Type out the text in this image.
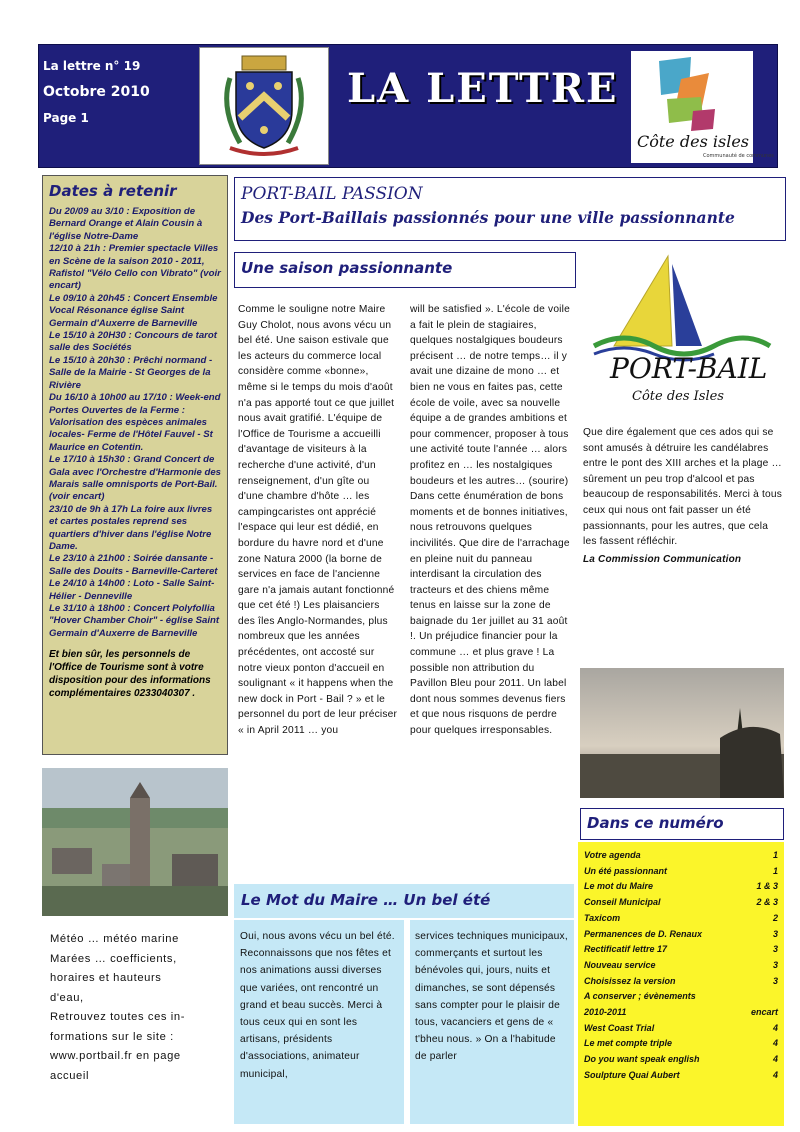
La lettre n° 19
Octobre 2010
Page 1
LA LETTRE
Côte des isles
Communauté de communes
Dates à retenir
Du 20/09 au 3/10 : Exposition de Bernard Orange et Alain Cousin à l'église Notre-Dame
12/10 à 21h : Premier spectacle Villes en Scène de la saison 2010 - 2011, Rafistol "Vélo Cello con Vibrato" (voir encart)
Le 09/10 à 20h45 : Concert Ensemble Vocal Résonance église Saint Germain d'Auxerre de Barneville
Le 15/10 à 20H30 : Concours de tarot salle des Sociétés
Le 15/10 à 20h30 : Prêchi normand - Salle de la Mairie - St Georges de la Rivière
Du 16/10 à 10h00 au 17/10 : Week-end Portes Ouvertes de la Ferme : Valorisation des espèces animales locales- Ferme de l'Hôtel Fauvel - St Maurice en Cotentin.
Le 17/10 à 15h30 : Grand Concert de Gala avec l'Orchestre d'Harmonie des Marais salle omnisports de Port-Bail. (voir encart)
23/10 de 9h à 17h La foire aux livres et cartes postales reprend ses quartiers d'hiver dans l'église Notre Dame.
Le 23/10 à 21h00 : Soirée dansante - Salle des Douits - Barneville-Carteret
Le 24/10 à 14h00 : Loto - Salle Saint-Hélier - Denneville
Le 31/10 à 18h00 : Concert Polyfollia "Hover Chamber Choir" - église Saint Germain d'Auxerre de Barneville
Et bien sûr, les personnels de l'Office de Tourisme sont à votre disposition pour des informations complémentaires 0233040307 .
Météo … météo marine
Marées … coefficients,
horaires et hauteurs
d'eau,
Retrouvez toutes ces in-
formations sur le site :
www.portbail.fr en page
accueil
PORT-BAIL PASSION
Des Port-Baillais passionnés pour une ville passionnante
Une saison passionnante
Comme le souligne notre Maire Guy Cholot, nous avons vécu un bel été. Une saison estivale que les acteurs du commerce local considère comme «bonne», même si le temps du mois d'août n'a pas apporté tout ce que juillet nous avait gratifié. L'équipe de l'Office de Tourisme a accueilli d'avantage de visiteurs à la recherche d'une activité, d'un renseignement, d'un gîte ou d'une chambre d'hôte … les campingcaristes ont apprécié l'espace qui leur est dédié, en bordure du havre nord et d'une zone Natura 2000 (la borne de services en face de l'ancienne gare n'a jamais autant fonctionné que cet été !) Les plaisanciers des îles Anglo-Normandes, plus nombreux que les années précédentes, ont accosté sur notre vieux ponton d'accueil en soulignant « it happens when the new dock in Port - Bail ? » et le personnel du port de leur préciser « in April 2011 … you
will be satisfied ». L'école de voile a fait le plein de stagiaires, quelques nostalgiques boudeurs précisent … de notre temps… il y avait une dizaine de mono … et bien ne vous en faites pas, cette école de voile, avec sa nouvelle équipe a de grandes ambitions et pour commencer, proposer à tous une activité toute l'année … alors profitez en … les nostalgiques boudeurs et les autres… (sourire) Dans cette énumération de bons moments et de bonnes initiatives, nous retrouvons quelques incivilités. Que dire de l'arrachage en pleine nuit du panneau interdisant la circulation des tracteurs et des chiens même tenus en laisse sur la zone de baignade du 1er juillet au 31 août !. Un préjudice financier pour la commune … et plus grave ! La possible non attribution du Pavillon Bleu pour 2011. Un label dont nous sommes devenus fiers et que nous risquons de perdre pour quelques irresponsables.
PORT-BAIL
Côte des Isles
Que dire également que ces ados qui se sont amusés à détruire les candélabres entre le pont des XIII arches et la plage … sûrement un peu trop d'alcool et pas beaucoup de responsabilités. Merci à tous ceux qui nous ont fait passer un été passionnants, pour les autres, que cela les fassent réfléchir.
La Commission Communication
Le Mot du Maire … Un bel été
Oui, nous avons vécu un bel été. Reconnaissons que nos fêtes et nos animations aussi diverses que variées, ont rencontré un grand et beau succès. Merci à tous ceux qui en sont les artisans, présidents d'associations, animateur municipal,
services techniques municipaux, commerçants et surtout les bénévoles qui, jours, nuits et dimanches, se sont dépensés sans compter pour le plaisir de tous, vacanciers et gens de « t'bheu nous. » On a l'habitude de parler
Dans ce numéro
Votre agenda	1
Un été passionnant	1
Le mot du Maire	1 & 3
Conseil Municipal	2 & 3
Taxicom	2
Permanences de D. Renaux	3
Rectificatif lettre 17	3
Nouveau service	3
Choisissez la version	3
A conserver ; évènements
2010-2011	encart
West Coast Trial	4
Le met compte triple	4
Do you want speak english	4
Soulpture Quai Aubert	4
